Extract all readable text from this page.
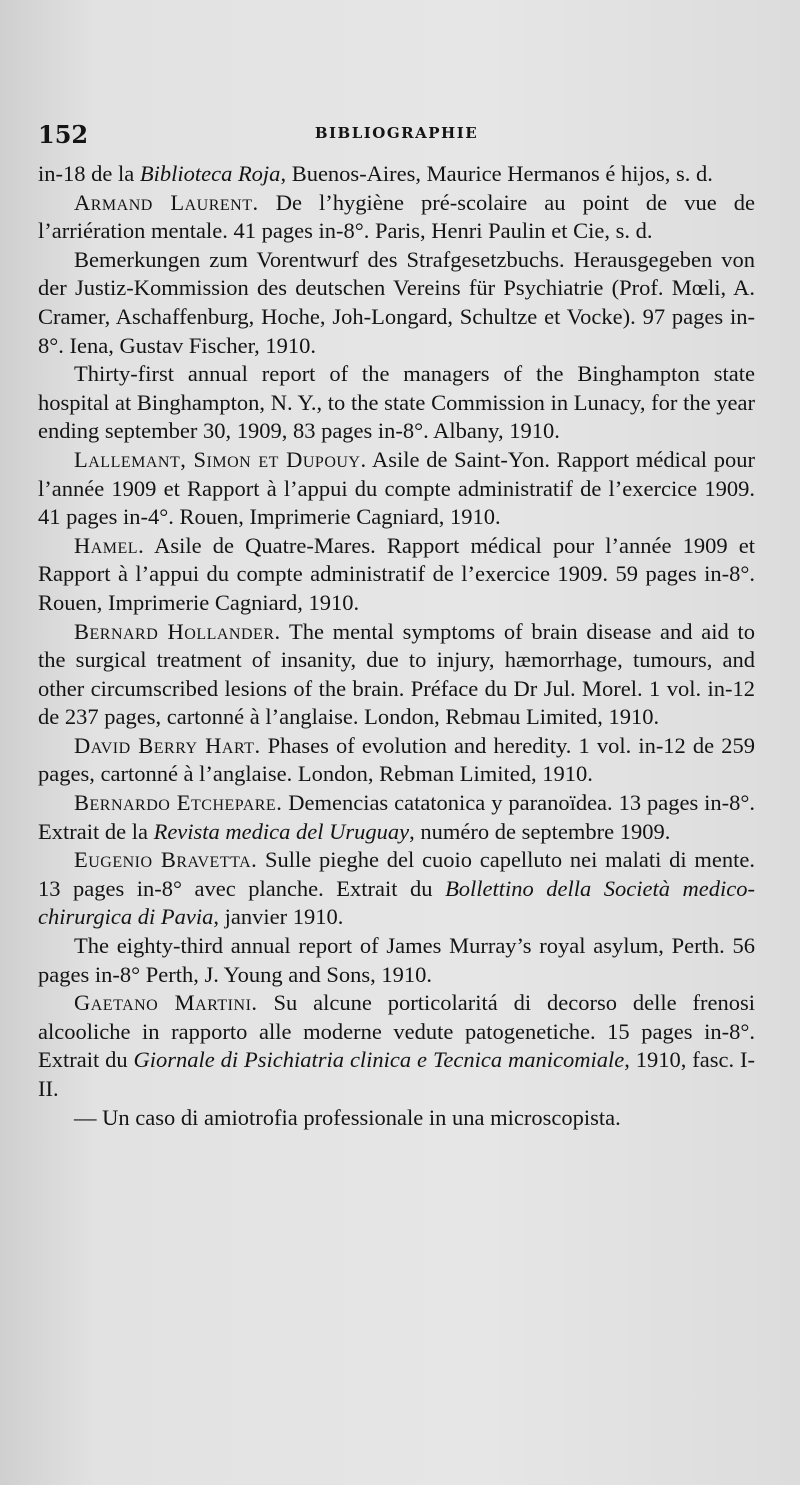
152	BIBLIOGRAPHIE

in-18 de la Biblioteca Roja, Buenos-Aires, Maurice Hermanos é hijos, s. d.

Armand Laurent. De l’hygiène pré-scolaire au point de vue de l’arriération mentale. 41 pages in-8°. Paris, Henri Paulin et Cie, s. d.

Bemerkungen zum Vorentwurf des Strafgesetzbuchs. Herausgegeben von der Justiz-Kommission des deutschen Vereins für Psychiatrie (Prof. Mœli, A. Cramer, Aschaffenburg, Hoche, Joh-Longard, Schultze et Vocke). 97 pages in-8°. Iena, Gustav Fischer, 1910.

Thirty-first annual report of the managers of the Binghampton state hospital at Binghampton, N. Y., to the state Commission in Lunacy, for the year ending september 30, 1909, 83 pages in-8°. Albany, 1910.

Lallemant, Simon et Dupouy. Asile de Saint-Yon. Rapport médical pour l’année 1909 et Rapport à l’appui du compte administratif de l’exercice 1909. 41 pages in-4°. Rouen, Imprimerie Cagniard, 1910.

Hamel. Asile de Quatre-Mares. Rapport médical pour l’année 1909 et Rapport à l’appui du compte administratif de l’exercice 1909. 59 pages in-8°. Rouen, Imprimerie Cagniard, 1910.

Bernard Hollander. The mental symptoms of brain disease and aid to the surgical treatment of insanity, due to injury, hæmorrhage, tumours, and other circumscribed lesions of the brain. Préface du Dr Jul. Morel. 1 vol. in-12 de 237 pages, cartonné à l’anglaise. London, Rebmau Limited, 1910.

David Berry Hart. Phases of evolution and heredity. 1 vol. in-12 de 259 pages, cartonné à l’anglaise. London, Rebman Limited, 1910.

Bernardo Etchepare. Demencias catatonica y paranoïdea. 13 pages in-8°. Extrait de la Revista medica del Uruguay, numéro de septembre 1909.

Eugenio Bravetta. Sulle pieghe del cuoio capelluto nei malati di mente. 13 pages in-8° avec planche. Extrait du Bollettino della Società medico-chirurgica di Pavia, janvier 1910.

The eighty-third annual report of James Murray’s royal asylum, Perth. 56 pages in-8° Perth, J. Young and Sons, 1910.

Gaetano Martini. Su alcune porticolaritá di decorso delle frenosi alcooliche in rapporto alle moderne vedute patogenetiche. 15 pages in-8°. Extrait du Giornale di Psichiatria clinica e Tecnica manicomiale, 1910, fasc. I-II.

— Un caso di amiotrofia professionale in una microscopista.
